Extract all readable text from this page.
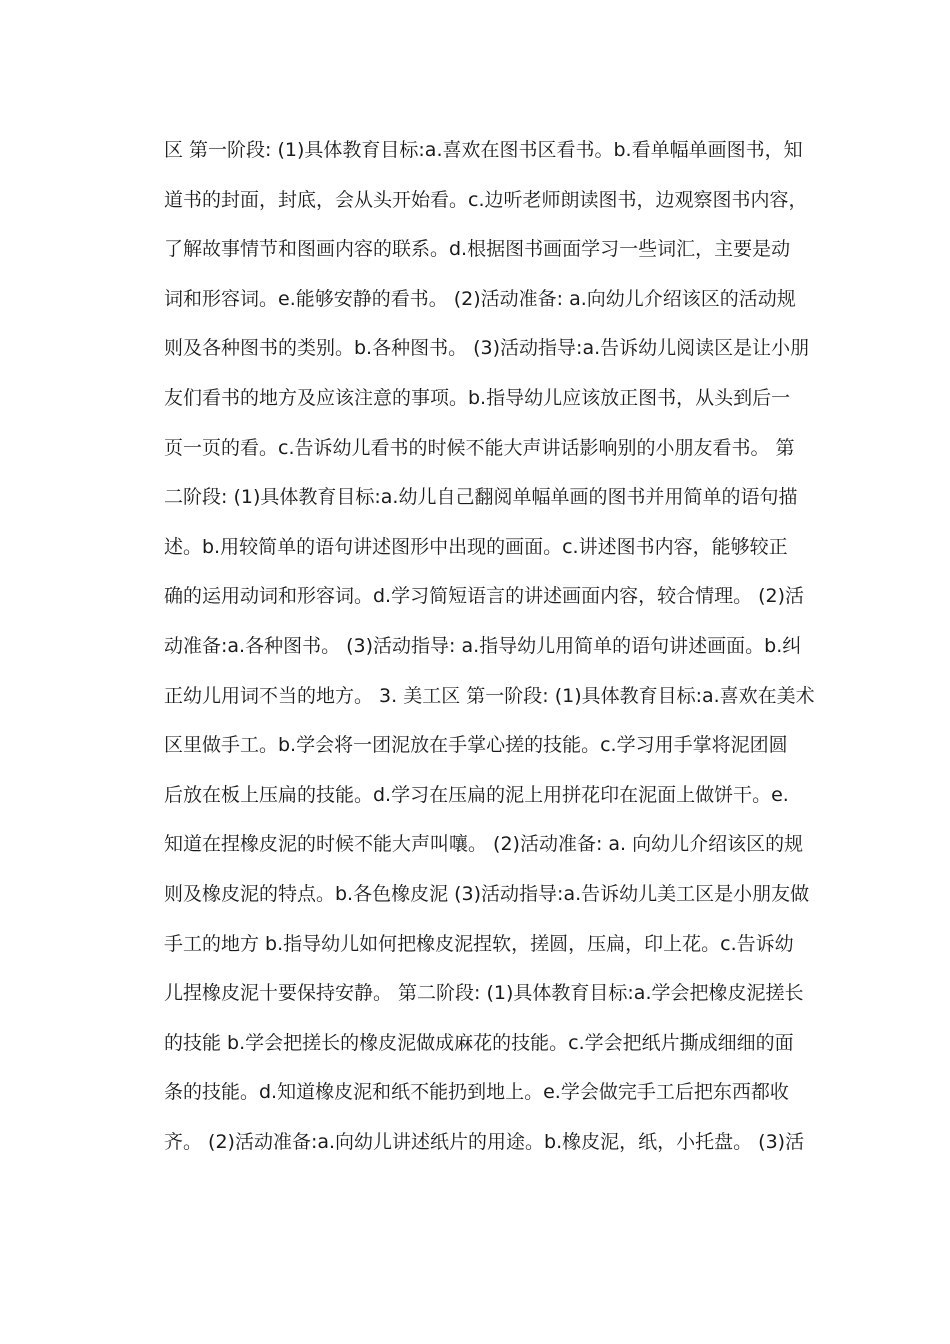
区 第一阶段: (1)具体教育目标:a.喜欢在图书区看书。b.看单幅单画图书，知
道书的封面，封底，会从头开始看。c.边听老师朗读图书，边观察图书内容，
了解故事情节和图画内容的联系。d.根据图书画面学习一些词汇，主要是动
词和形容词。e.能够安静的看书。 (2)活动准备: a.向幼儿介绍该区的活动规
则及各种图书的类别。b.各种图书。 (3)活动指导:a.告诉幼儿阅读区是让小朋
友们看书的地方及应该注意的事项。b.指导幼儿应该放正图书，从头到后一
页一页的看。c.告诉幼儿看书的时候不能大声讲话影响别的小朋友看书。 第
二阶段: (1)具体教育目标:a.幼儿自己翻阅单幅单画的图书并用简单的语句描
述。b.用较简单的语句讲述图形中出现的画面。c.讲述图书内容，能够较正
确的运用动词和形容词。d.学习简短语言的讲述画面内容，较合情理。 (2)活
动准备:a.各种图书。 (3)活动指导: a.指导幼儿用简单的语句讲述画面。b.纠
正幼儿用词不当的地方。 3. 美工区 第一阶段: (1)具体教育目标:a.喜欢在美术
区里做手工。b.学会将一团泥放在手掌心搓的技能。c.学习用手掌将泥团圆
后放在板上压扁的技能。d.学习在压扁的泥上用拼花印在泥面上做饼干。e.
知道在捏橡皮泥的时候不能大声叫嚷。 (2)活动准备: a. 向幼儿介绍该区的规
则及橡皮泥的特点。b.各色橡皮泥 (3)活动指导:a.告诉幼儿美工区是小朋友做
手工的地方 b.指导幼儿如何把橡皮泥捏软，搓圆，压扁，印上花。c.告诉幼
儿捏橡皮泥十要保持安静。 第二阶段: (1)具体教育目标:a.学会把橡皮泥搓长
的技能 b.学会把搓长的橡皮泥做成麻花的技能。c.学会把纸片撕成细细的面
条的技能。d.知道橡皮泥和纸不能扔到地上。e.学会做完手工后把东西都收
齐。 (2)活动准备:a.向幼儿讲述纸片的用途。b.橡皮泥，纸，小托盘。 (3)活
